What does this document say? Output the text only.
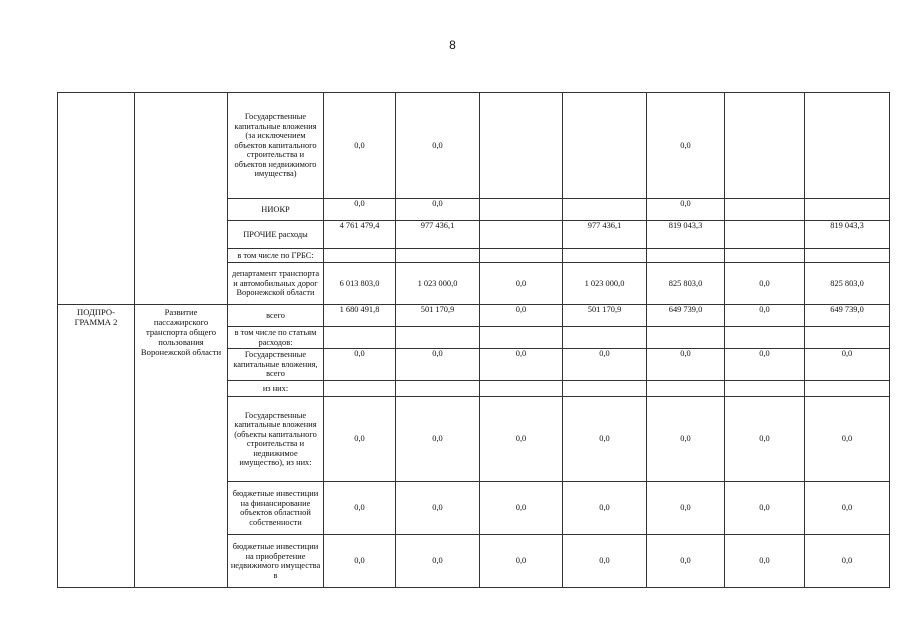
8
		Государственные капитальные вложения (за исключением объектов капитального строительства и объектов недвижимого имущества)	0,0	0,0			0,0		
		НИОКР	0,0	0,0			0,0		
		ПРОЧИЕ расходы	4 761 479,4	977 436,1		977 436,1	819 043,3		819 043,3
		в том числе по ГРБС:							
		департамент транспорта и автомобильных дорог Воронежской области	6 013 803,0	1 023 000,0	0,0	1 023 000,0	825 803,0	0,0	825 803,0
ПОДПРО-
ГРАММА 2	Развитие пассажирского транспорта общего пользования Воронежской области	всего	1 680 491,8	501 170,9	0,0	501 170,9	649 739,0	0,0	649 739,0
		в том числе по статьям расходов:							
		Государственные капитальные вложения, всего	0,0	0,0	0,0	0,0	0,0	0,0	0,0
		из них:							
		Государственные капитальные вложения (объекты капитального строительства и недвижимое имущество), из них:	0,0	0,0	0,0	0,0	0,0	0,0	0,0
		бюджетные инвестиции на финансирование объектов областной собственности	0,0	0,0	0,0	0,0	0,0	0,0	0,0
		бюджетные инвестиции на приобретение недвижимого имущества в	0,0	0,0	0,0	0,0	0,0	0,0	0,0
